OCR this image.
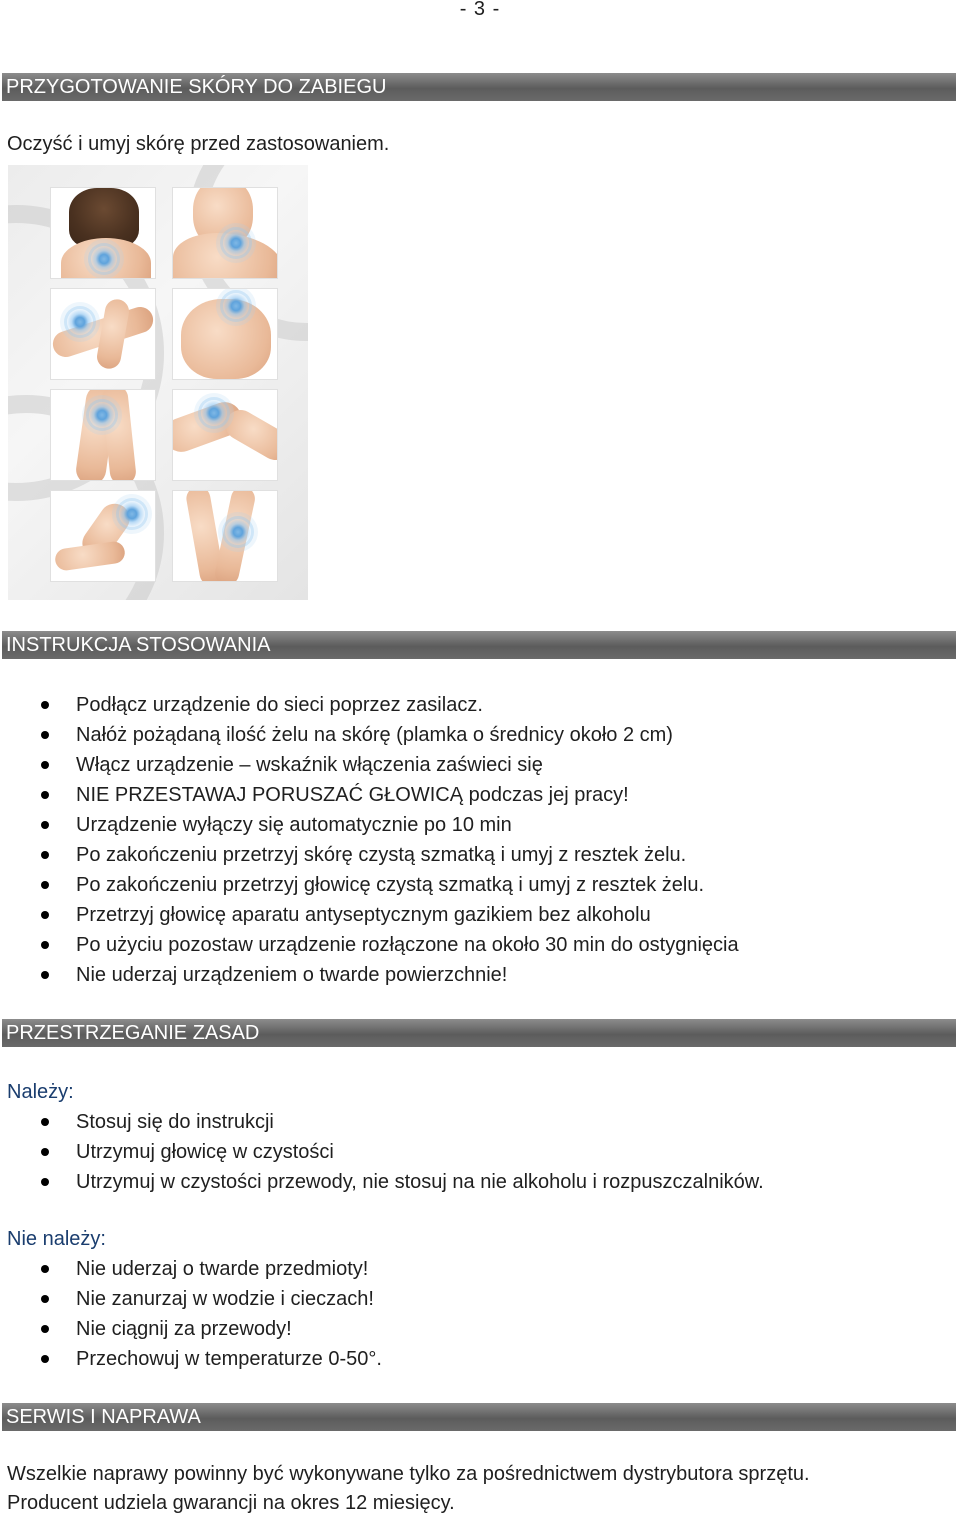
- 3 -
PRZYGOTOWANIE SKÓRY DO ZABIEGU

Oczyść i umyj skórę przed zastosowaniem.

INSTRUKCJA STOSOWANIA
Podłącz urządzenie do sieci poprzez zasilacz.
Nałóż pożądaną ilość żelu na skórę (plamka o średnicy około 2 cm)
Włącz urządzenie – wskaźnik włączenia zaświeci się
NIE PRZESTAWAJ PORUSZAĆ GŁOWICĄ podczas jej pracy!
Urządzenie wyłączy się automatycznie po 10 min
Po zakończeniu przetrzyj skórę czystą szmatką i umyj z resztek żelu.
Po zakończeniu przetrzyj głowicę czystą szmatką i umyj z resztek żelu.
Przetrzyj głowicę aparatu antyseptycznym gazikiem bez alkoholu
Po użyciu pozostaw urządzenie rozłączone na około 30 min do ostygnięcia
Nie uderzaj urządzeniem o twarde powierzchnie!
PRZESTRZEGANIE ZASAD

Należy:

Stosuj się do instrukcji
Utrzymuj głowicę w czystości
Utrzymuj w czystości przewody, nie stosuj na nie alkoholu i rozpuszczalników.

Nie należy:

Nie uderzaj o twarde przedmioty!
Nie zanurzaj w wodzie i cieczach!
Nie ciągnij za przewody!
Przechowuj w temperaturze 0-50°.
SERWIS I NAPRAWA

Wszelkie naprawy powinny być wykonywane tylko za pośrednictwem dystrybutora sprzętu.

Producent udziela gwarancji na okres 12 miesięcy.
